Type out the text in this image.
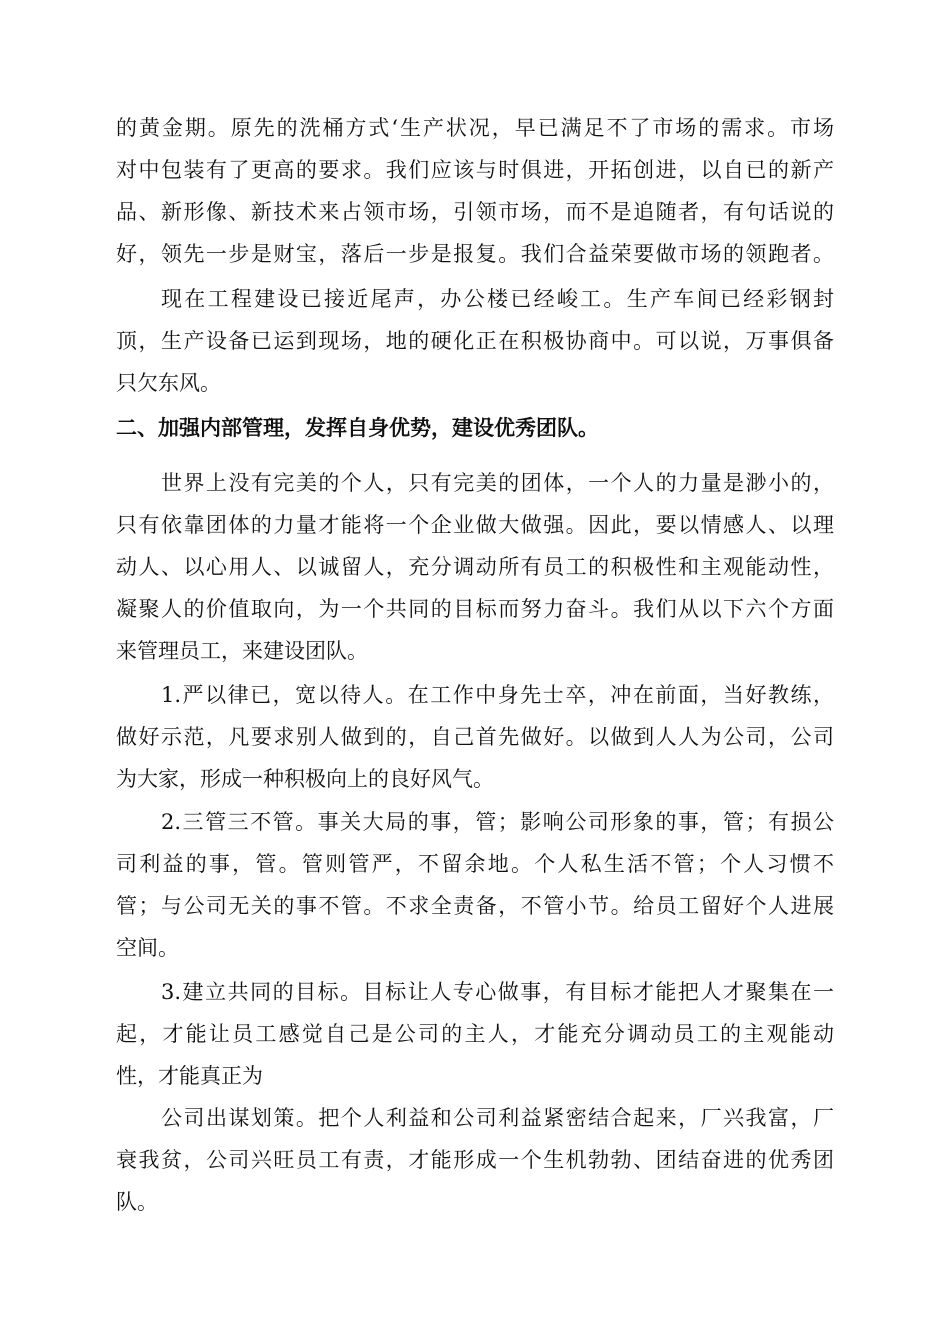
的黄金期。原先的洗桶方式‘生产状况，早已满足不了市场的需求。市场
对中包装有了更高的要求。我们应该与时俱进，开拓创进，以自已的新产
品、新形像、新技术来占领市场，引领市场，而不是追随者，有句话说的
好，领先一步是财宝，落后一步是报复。我们合益荣要做市场的领跑者。
现在工程建设已接近尾声，办公楼已经峻工。生产车间已经彩钢封
顶，生产设备已运到现场，地的硬化正在积极协商中。可以说，万事俱备
只欠东风。
二、加强内部管理，发挥自身优势，建设优秀团队。
世界上没有完美的个人，只有完美的团体，一个人的力量是渺小的，
只有依靠团体的力量才能将一个企业做大做强。因此，要以情感人、以理
动人、以心用人、以诚留人，充分调动所有员工的积极性和主观能动性，
凝聚人的价值取向，为一个共同的目标而努力奋斗。我们从以下六个方面
来管理员工，来建设团队。
1.严以律已，宽以待人。在工作中身先士卒，冲在前面，当好教练，
做好示范，凡要求别人做到的，自己首先做好。以做到人人为公司，公司
为大家，形成一种积极向上的良好风气。
2.三管三不管。事关大局的事，管；影响公司形象的事，管；有损公
司利益的事，管。管则管严，不留余地。个人私生活不管；个人习惯不
管；与公司无关的事不管。不求全责备，不管小节。给员工留好个人进展
空间。
3.建立共同的目标。目标让人专心做事，有目标才能把人才聚集在一
起，才能让员工感觉自己是公司的主人，才能充分调动员工的主观能动
性，才能真正为
公司出谋划策。把个人利益和公司利益紧密结合起来，厂兴我富，厂
衰我贫，公司兴旺员工有责，才能形成一个生机勃勃、团结奋进的优秀团
队。
